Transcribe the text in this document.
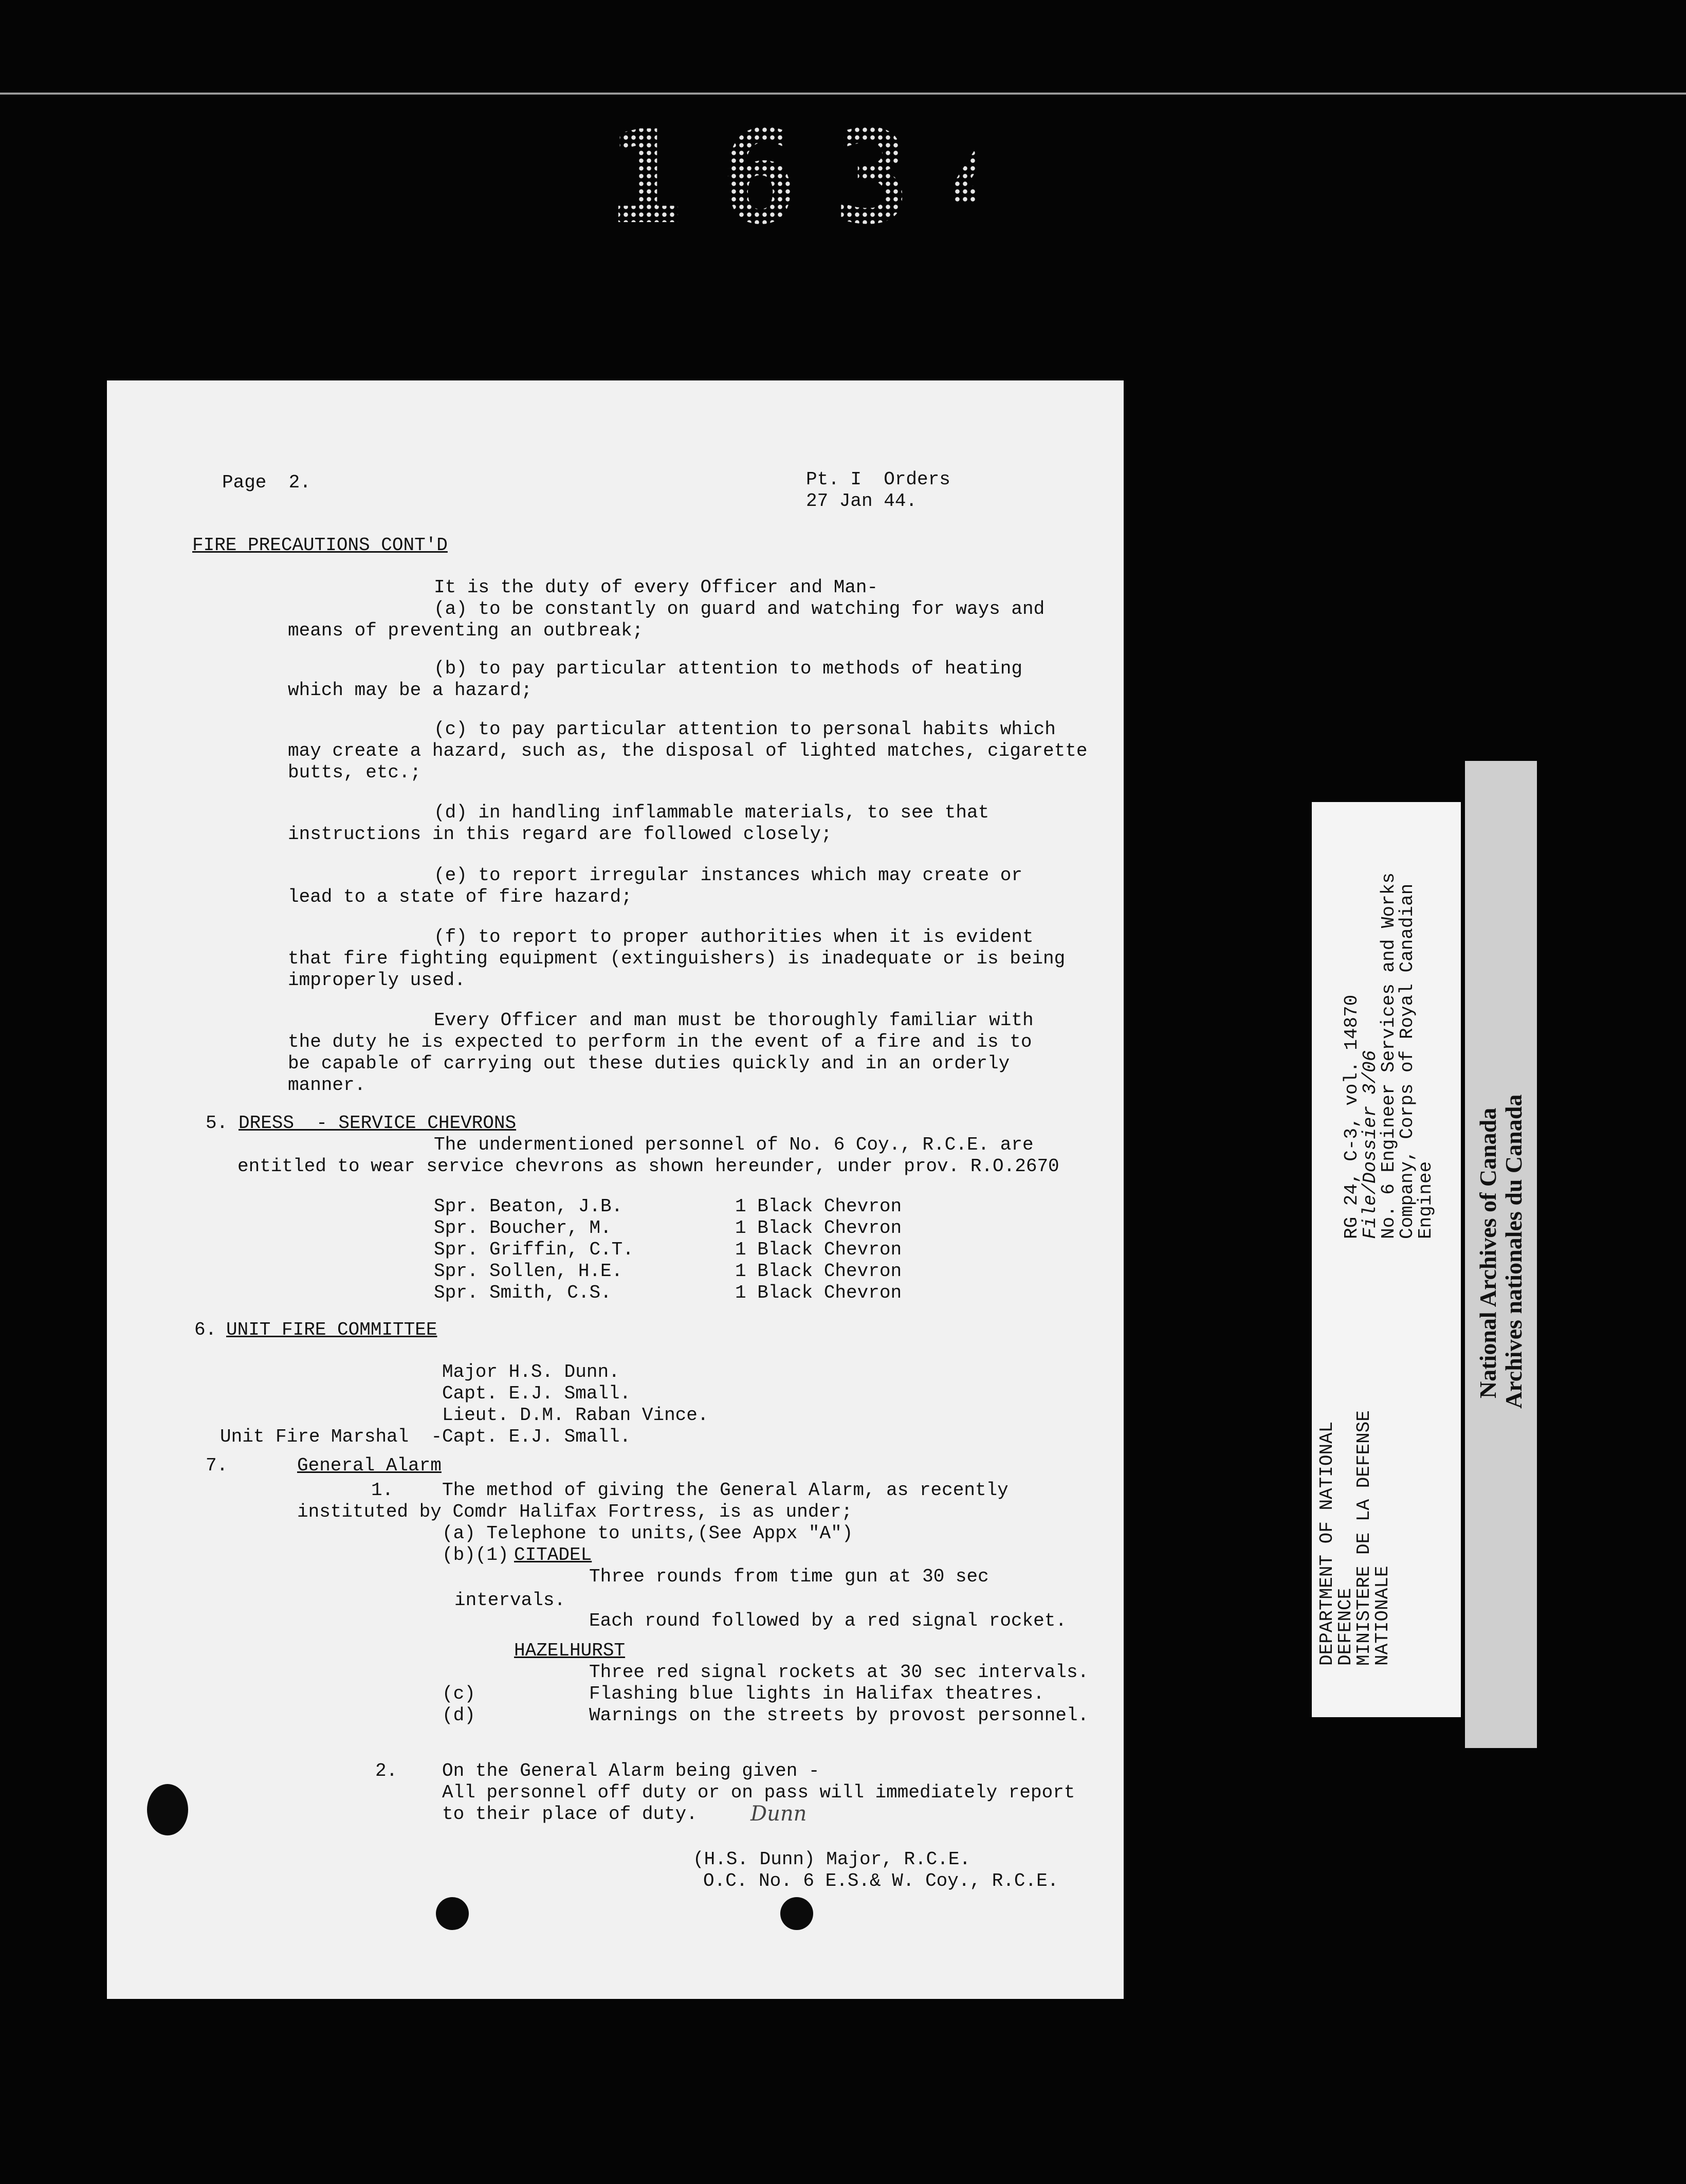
1634
Page  2.	Pt. I  Orders
27 Jan 44.
FIRE PRECAUTIONS CONT'D
It is the duty of every Officer and Man-
(a) to be constantly on guard and watching for ways and
means of preventing an outbreak;
(b) to pay particular attention to methods of heating
which may be a hazard;
(c) to pay particular attention to personal habits which
may create a hazard, such as, the disposal of lighted matches, cigarette
butts, etc.;
(d) in handling inflammable materials, to see that
instructions in this regard are followed closely;
(e) to report irregular instances which may create or
lead to a state of fire hazard;
(f) to report to proper authorities when it is evident
that fire fighting equipment (extinguishers) is inadequate or is being
improperly used.
Every Officer and man must be thoroughly familiar with
the duty he is expected to perform in the event of a fire and is to
be capable of carrying out these duties quickly and in an orderly
manner.
5. DRESS  - SERVICE CHEVRONS
The undermentioned personnel of No. 6 Coy., R.C.E. are
entitled to wear service chevrons as shown hereunder, under prov. R.O.2670
Spr. Beaton, J.B.	1 Black Chevron
Spr. Boucher, M.	1 Black Chevron
Spr. Griffin, C.T.	1 Black Chevron
Spr. Sollen, H.E.	1 Black Chevron
Spr. Smith, C.S.	1 Black Chevron
6. UNIT FIRE COMMITTEE
Major H.S. Dunn.
Capt. E.J. Small.
Lieut. D.M. Raban Vince.
Unit Fire Marshal  - Capt. E.J. Small.
7.	General Alarm
1.	The method of giving the General Alarm, as recently
instituted by Comdr Halifax Fortress, is as under;
(a) Telephone to units,(See Appx "A")
(b)(1) CITADEL
Three rounds from time gun at 30 sec
intervals.
Each round followed by a red signal rocket.
HAZELHURST
Three red signal rockets at 30 sec intervals.
(c)	Flashing blue lights in Halifax theatres.
(d)	Warnings on the streets by provost personnel.
2. On the General Alarm being given -
All personnel off duty or on pass will immediately report
to their place of duty.
(H.S. Dunn) Major, R.C.E.
O.C. No. 6 E.S.& W. Coy., R.C.E.
Dunn
DEPARTMENT OF NATIONAL
DEFENCE
MINISTERE DE LA DEFENSE
NATIONALE
RG 24, C-3, vol. 14870
File/Dossier 3/06
No. 6 Engineer Services and Works
Company, Corps of Royal Canadian
Enginee National Archives of Canada Archives nationales du Canada
